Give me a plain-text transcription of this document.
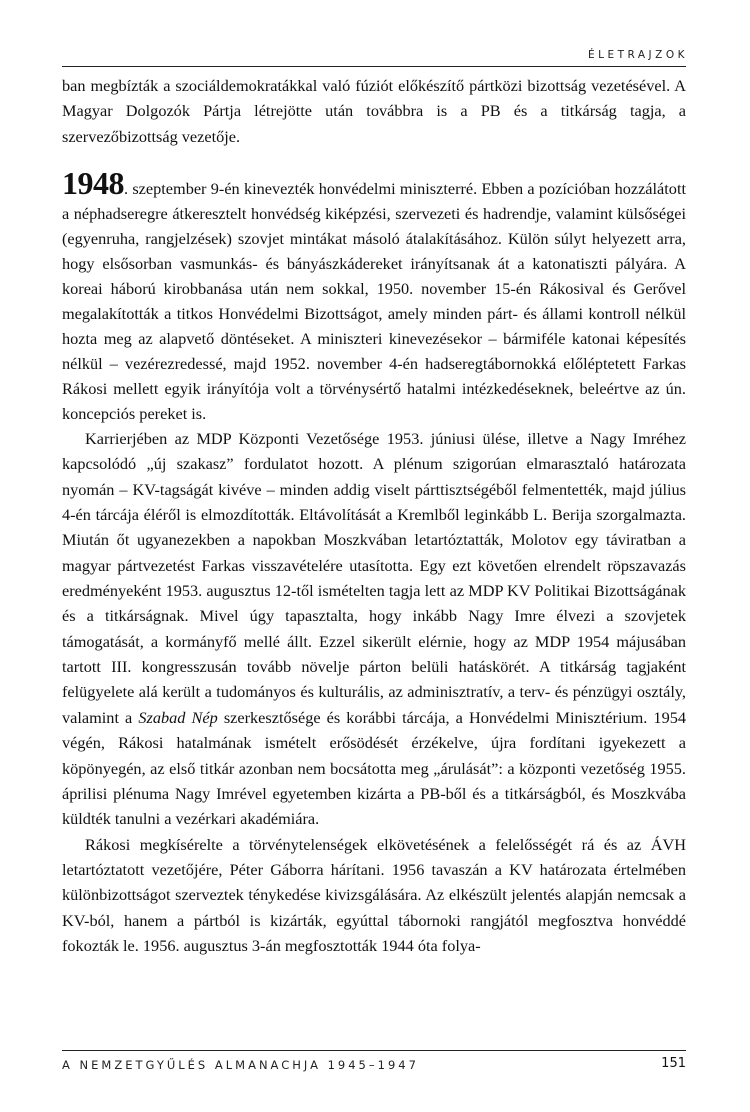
ÉLETRAJZOK

ban megbízták a szociáldemokratákkal való fúziót előkészítő pártközi bizottság vezetésével. A Magyar Dolgozók Pártja létrejötte után továbbra is a PB és a titkárság tagja, a szervezőbizottság vezetője.

1948. szeptember 9-én kinevezték honvédelmi miniszterré. Ebben a pozícióban hozzálátott a néphadseregre átkeresztelt honvédség kiképzési, szervezeti és hadrendje, valamint külsőségei (egyenruha, rangjelzések) szovjet mintákat másoló átalakításához. Külön súlyt helyezett arra, hogy elsősorban vasmunkás- és bányászkádereket irányítsanak át a katonatiszti pályára. A koreai háború kirobbanása után nem sokkal, 1950. november 15-én Rákosival és Gerővel megalakították a titkos Honvédelmi Bizottságot, amely minden párt- és állami kontroll nélkül hozta meg az alapvető döntéseket. A miniszteri kinevezésekor – bármiféle katonai képesítés nélkül – vezérezredessé, majd 1952. november 4-én hadseregtábornokká előléptetett Farkas Rákosi mellett egyik irányítója volt a törvénysértő hatalmi intézkedéseknek, beleértve az ún. koncepciós pereket is.

Karrierjében az MDP Központi Vezetősége 1953. júniusi ülése, illetve a Nagy Imréhez kapcsolódó „új szakasz” fordulatot hozott. A plénum szigorúan elmarasztaló határozata nyomán – KV-tagságát kivéve – minden addig viselt párttisztségéből felmentették, majd július 4-én tárcája éléről is elmozdították. Eltávolítását a Kremlből leginkább L. Berija szorgalmazta. Miután őt ugyanezekben a napokban Moszkvában letartóztatták, Molotov egy táviratban a magyar pártvezetést Farkas visszavételére utasította. Egy ezt követően elrendelt röpszavazás eredményeként 1953. augusztus 12-től ismételten tagja lett az MDP KV Politikai Bizottságának és a titkárságnak. Mivel úgy tapasztalta, hogy inkább Nagy Imre élvezi a szovjetek támogatását, a kormányfő mellé állt. Ezzel sikerült elérnie, hogy az MDP 1954 májusában tartott III. kongresszusán tovább növelje párton belüli hatáskörét. A titkárság tagjaként felügyelete alá került a tudományos és kulturális, az adminisztratív, a terv- és pénzügyi osztály, valamint a Szabad Nép szerkesztősége és korábbi tárcája, a Honvédelmi Minisztérium. 1954 végén, Rákosi hatalmának ismételt erősödését érzékelve, újra fordítani igyekezett a köpönyegén, az első titkár azonban nem bocsátotta meg „árulását”: a központi vezetőség 1955. áprilisi plénuma Nagy Imrével egyetemben kizárta a PB-ből és a titkárságból, és Moszkvába küldték tanulni a vezérkari akadémiára.

Rákosi megkísérelte a törvénytelenségek elkövetésének a felelősségét rá és az ÁVH letartóztatott vezetőjére, Péter Gáborra hárítani. 1956 tavaszán a KV határozata értelmében különbizottságot szerveztek ténykedése kivizsgálására. Az elkészült jelentés alapján nemcsak a KV-ból, hanem a pártból is kizárták, egyúttal tábornoki rangjától megfosztva honvéddé fokozták le. 1956. augusztus 3-án megfosztották 1944 óta folya-

A NEMZETGYŰLÉS ALMANACHJA 1945–1947	151
